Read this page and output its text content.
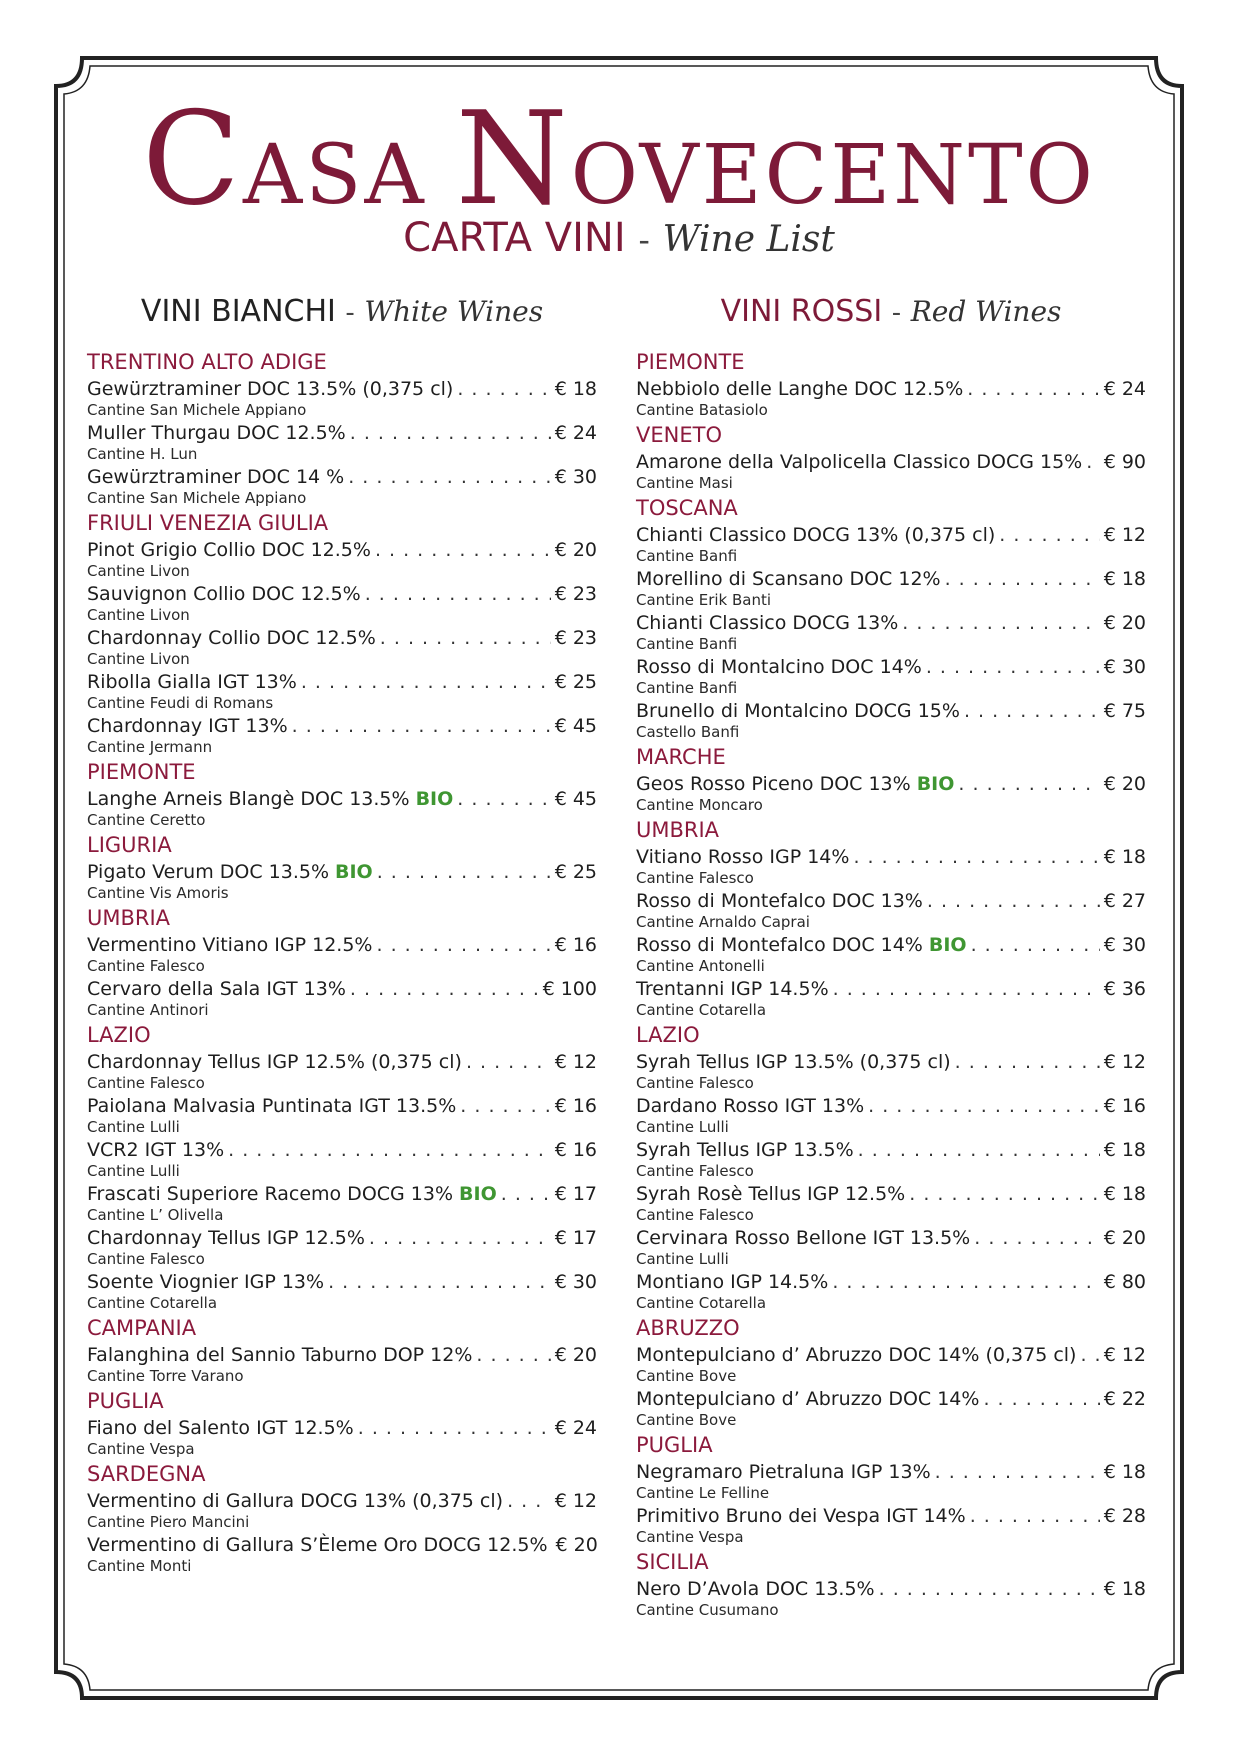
CASA NOVECENTO
CARTA VINI - Wine List
VINI BIANCHI - White Wines
TRENTINO ALTO ADIGE
Gewürztraminer DOC 13.5% (0,375 cl) . . .	€ 18
Cantine San Michele Appiano
Muller Thurgau DOC 12.5% . . .	€ 24
Cantine H. Lun
Gewürztraminer DOC 14 % . . .	€ 30
Cantine San Michele Appiano
FRIULI VENEZIA GIULIA
Pinot Grigio Collio DOC 12.5% . . .	€ 20
Cantine Livon
Sauvignon Collio DOC 12.5% . . .	€ 23
Cantine Livon
Chardonnay Collio DOC 12.5% . . .	€ 23
Cantine Livon
Ribolla Gialla IGT 13% . . .	€ 25
Cantine Feudi di Romans
Chardonnay IGT 13% . . .	€ 45
Cantine Jermann
PIEMONTE
Langhe Arneis Blangè DOC 13.5% BIO . . .	€ 45
Cantine Ceretto
LIGURIA
Pigato Verum DOC 13.5% BIO . . .	€ 25
Cantine Vis Amoris
UMBRIA
Vermentino Vitiano IGP 12.5% . . .	€ 16
Cantine Falesco
Cervaro della Sala IGT 13% . . .	€ 100
Cantine Antinori
LAZIO
Chardonnay Tellus IGP 12.5% (0,375 cl) . . .	€ 12
Cantine Falesco
Paiolana Malvasia Puntinata IGT 13.5% . . .	€ 16
Cantine Lulli
VCR2 IGT 13% . . .	€ 16
Cantine Lulli
Frascati Superiore Racemo DOCG 13% BIO . . .	€ 17
Cantine L’ Olivella
Chardonnay Tellus IGP 12.5% . . .	€ 17
Cantine Falesco
Soente Viognier IGP 13% . . .	€ 30
Cantine Cotarella
CAMPANIA
Falanghina del Sannio Taburno DOP 12% . . .	€ 20
Cantine Torre Varano
PUGLIA
Fiano del Salento IGT 12.5% . . .	€ 24
Cantine Vespa
SARDEGNA
Vermentino di Gallura DOCG 13% (0,375 cl) . . .	€ 12
Cantine Piero Mancini
Vermentino di Gallura S’Èleme Oro DOCG 12.5% € 20
Cantine Monti
VINI ROSSI - Red Wines
PIEMONTE
Nebbiolo delle Langhe DOC 12.5% . . .	€ 24
Cantine Batasiolo
VENETO
Amarone della Valpolicella Classico DOCG 15% . . . € 90
Cantine Masi
TOSCANA
Chianti Classico DOCG 13% (0,375 cl) . . .	€ 12
Cantine Banfi
Morellino di Scansano DOC 12% . . .	€ 18
Cantine Erik Banti
Chianti Classico DOCG 13% . . .	€ 20
Cantine Banfi
Rosso di Montalcino DOC 14% . . .	€ 30
Cantine Banfi
Brunello di Montalcino DOCG 15% . . .	€ 75
Castello Banfi
MARCHE
Geos Rosso Piceno DOC 13% BIO . . .	€ 20
Cantine Moncaro
UMBRIA
Vitiano Rosso IGP 14% . . .	€ 18
Cantine Falesco
Rosso di Montefalco DOC 13% . . .	€ 27
Cantine Arnaldo Caprai
Rosso di Montefalco DOC 14% BIO . . .	€ 30
Cantine Antonelli
Trentanni IGP 14.5% . . .	€ 36
Cantine Cotarella
LAZIO
Syrah Tellus IGP 13.5% (0,375 cl) . . .	€ 12
Cantine Falesco
Dardano Rosso IGT 13% . . .	€ 16
Cantine Lulli
Syrah Tellus IGP 13.5% . . .	€ 18
Cantine Falesco
Syrah Rosè Tellus IGP 12.5% . . .	€ 18
Cantine Falesco
Cervinara Rosso Bellone IGT 13.5% . . .	€ 20
Cantine Lulli
Montiano IGP 14.5% . . .	€ 80
Cantine Cotarella
ABRUZZO
Montepulciano d’ Abruzzo DOC 14% (0,375 cl) . . . € 12
Cantine Bove
Montepulciano d’ Abruzzo DOC 14% . . .	€ 22
Cantine Bove
PUGLIA
Negramaro Pietraluna IGP 13% . . .	€ 18
Cantine Le Felline
Primitivo Bruno dei Vespa IGT 14% . . .	€ 28
Cantine Vespa
SICILIA
Nero D’Avola DOC 13.5% . . .	€ 18
Cantine Cusumano
